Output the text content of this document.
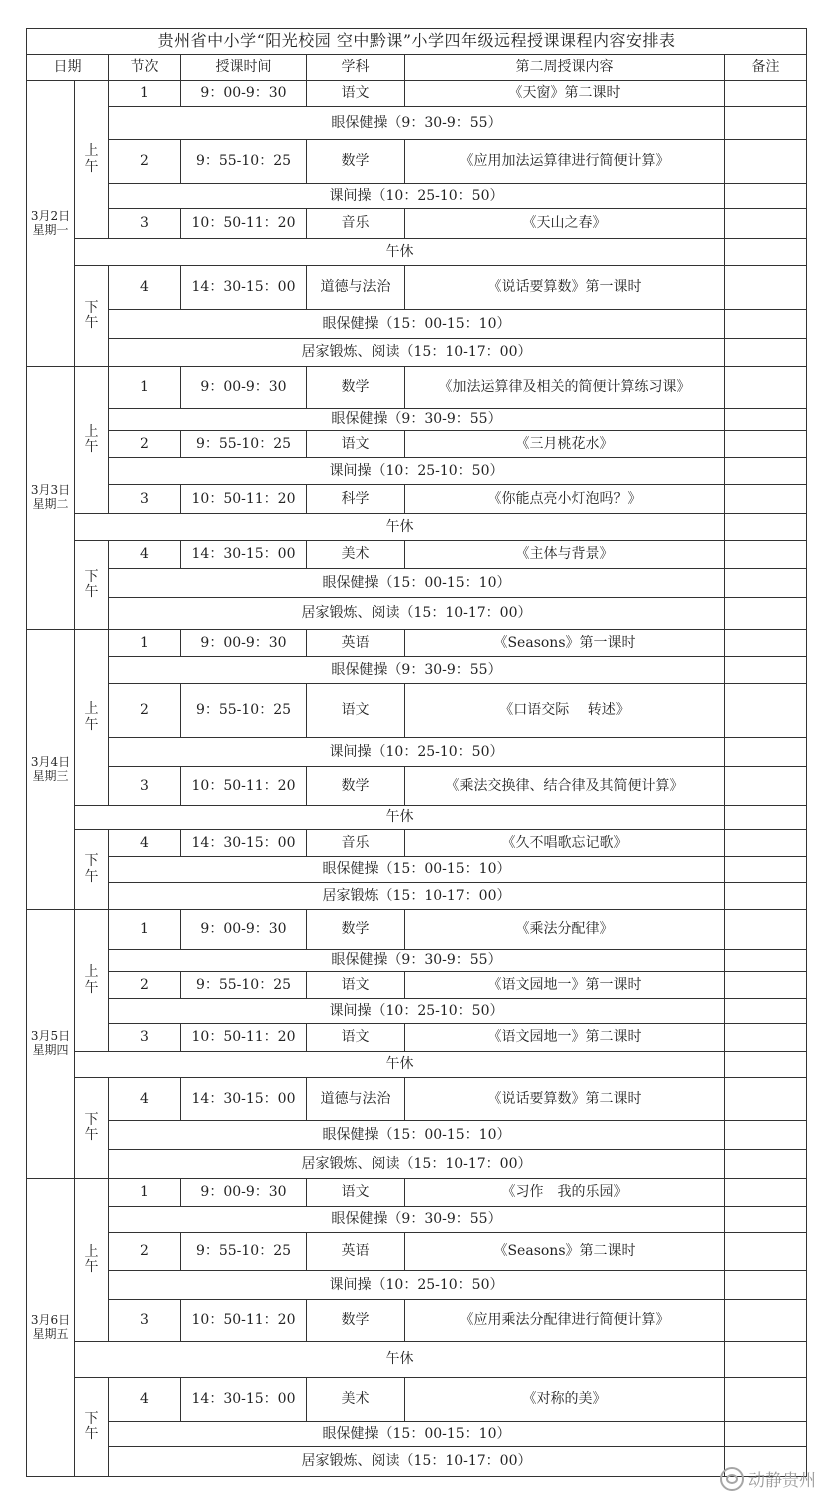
贵州省中小学“阳光校园 空中黔课”小学四年级远程授课课程内容安排表						
日期		节次	授课时间	学科	第二周授课内容	备注

3月2日
星期一	上午	1	9：00-9：30	语文	《天窗》第二课时	
		眼保健操（9：30-9：55）				
		2	9：55-10：25	数学	《应用加法运算律进行简便计算》	
		课间操（10：25-10：50）				
		3	10：50-11：20	音乐	《天山之春》	
	午休					
	下午	4	14：30-15：00	道德与法治	《说话要算数》第一课时	
		眼保健操（15：00-15：10）				
		居家锻炼、阅读（15：10-17：00）				

3月3日
星期二	上午	1	9：00-9：30	数学	《加法运算律及相关的简便计算练习课》	
		眼保健操（9：30-9：55）				
		2	9：55-10：25	语文	《三月桃花水》	
		课间操（10：25-10：50）				
		3	10：50-11：20	科学	《你能点亮小灯泡吗？》	
	午休					
	下午	4	14：30-15：00	美术	《主体与背景》	
		眼保健操（15：00-15：10）				
		居家锻炼、阅读（15：10-17：00）				

3月4日
星期三	上午	1	9：00-9：30	英语	《Seasons》第一课时	
		眼保健操（9：30-9：55）				
		2	9：55-10：25	语文	《口语交际　 转述》	
		课间操（10：25-10：50）				
		3	10：50-11：20	数学	《乘法交换律、结合律及其简便计算》	
	午休					
	下午	4	14：30-15：00	音乐	《久不唱歌忘记歌》	
		眼保健操（15：00-15：10）				
		居家锻炼（15：10-17：00）				

3月5日
星期四	上午	1	9：00-9：30	数学	《乘法分配律》	
		眼保健操（9：30-9：55）				
		2	9：55-10：25	语文	《语文园地一》第一课时	
		课间操（10：25-10：50）				
		3	10：50-11：20	语文	《语文园地一》第二课时	
	午休					
	下午	4	14：30-15：00	道德与法治	《说话要算数》第二课时	
		眼保健操（15：00-15：10）				
		居家锻炼、阅读（15：10-17：00）				

3月6日
星期五	上午	1	9：00-9：30	语文	《习作　我的乐园》	
		眼保健操（9：30-9：55）				
		2	9：55-10：25	英语	《Seasons》第二课时	
		课间操（10：25-10：50）				
		3	10：50-11：20	数学	《应用乘法分配律进行简便计算》	
	午休					
	下午	4	14：30-15：00	美术	《对称的美》	
		眼保健操（15：00-15：10）				
		居家锻炼、阅读（15：10-17：00）				
动静贵州
